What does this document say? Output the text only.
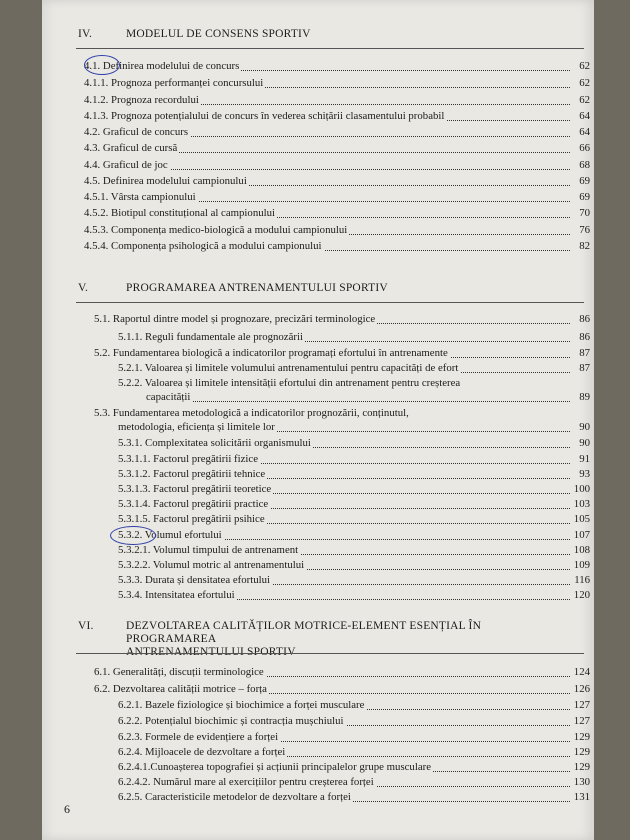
IV.	MODELUL DE CONSENS SPORTIV
V.	PROGRAMAREA ANTRENAMENTULUI SPORTIV
VI.	DEZVOLTAREA CALITĂȚILOR MOTRICE-ELEMENT ESENȚIAL ÎN PROGRAMAREA
ANTRENAMENTULUI SPORTIV
4.1. Definirea modelului de concurs	62
4.1.1. Prognoza performanței concursului	62
4.1.2. Prognoza recordului	62
4.1.3. Prognoza potențialului de concurs în vederea schițării clasamentului probabil	64
4.2. Graficul de concurs	64
4.3. Graficul de cursă	66
4.4. Graficul de joc	68
4.5. Definirea modelului campionului	69
4.5.1. Vârsta campionului	69
4.5.2. Biotipul constituțional al campionului	70
4.5.3. Componența medico-biologică a modului campionului	76
4.5.4. Componența psihologică a modului campionului	82
5.1. Raportul dintre model și prognozare, precizări terminologice	86
5.1.1. Reguli fundamentale ale prognozării	86
5.2. Fundamentarea biologică a indicatorilor programați efortului în antrenamente	87
5.2.1. Valoarea și limitele volumului antrenamentului pentru capacități de efort	87
5.2.2. Valoarea și limitele intensității efortului din antrenament pentru creșterea
capacității	89
5.3. Fundamentarea metodologică a indicatorilor prognozării, conținutul,
metodologia, eficiența și limitele lor	90
5.3.1. Complexitatea solicitării organismului	90
5.3.1.1. Factorul pregătirii fizice	91
5.3.1.2. Factorul pregătirii tehnice	93
5.3.1.3. Factorul pregătirii teoretice	100
5.3.1.4. Factorul pregătirii practice	103
5.3.1.5. Factorul pregătirii psihice	105
5.3.2. Volumul efortului	107
5.3.2.1. Volumul timpului de antrenament	108
5.3.2.2. Volumul motric al antrenamentului	109
5.3.3. Durata și densitatea efortului	116
5.3.4. Intensitatea efortului	120
6.1. Generalități, discuții terminologice	124
6.2. Dezvoltarea calității motrice – forța	126
6.2.1. Bazele fiziologice și biochimice a forței musculare	127
6.2.2. Potențialul biochimic și contracția mușchiului	127
6.2.3. Formele de evidențiere a forței	129
6.2.4. Mijloacele de dezvoltare a forței	129
6.2.4.1.Cunoașterea topografiei și acțiunii principalelor grupe musculare	129
6.2.4.2. Numărul mare al exercițiilor pentru creșterea forței	130
6.2.5. Caracteristicile metodelor de dezvoltare a forței	131
6
